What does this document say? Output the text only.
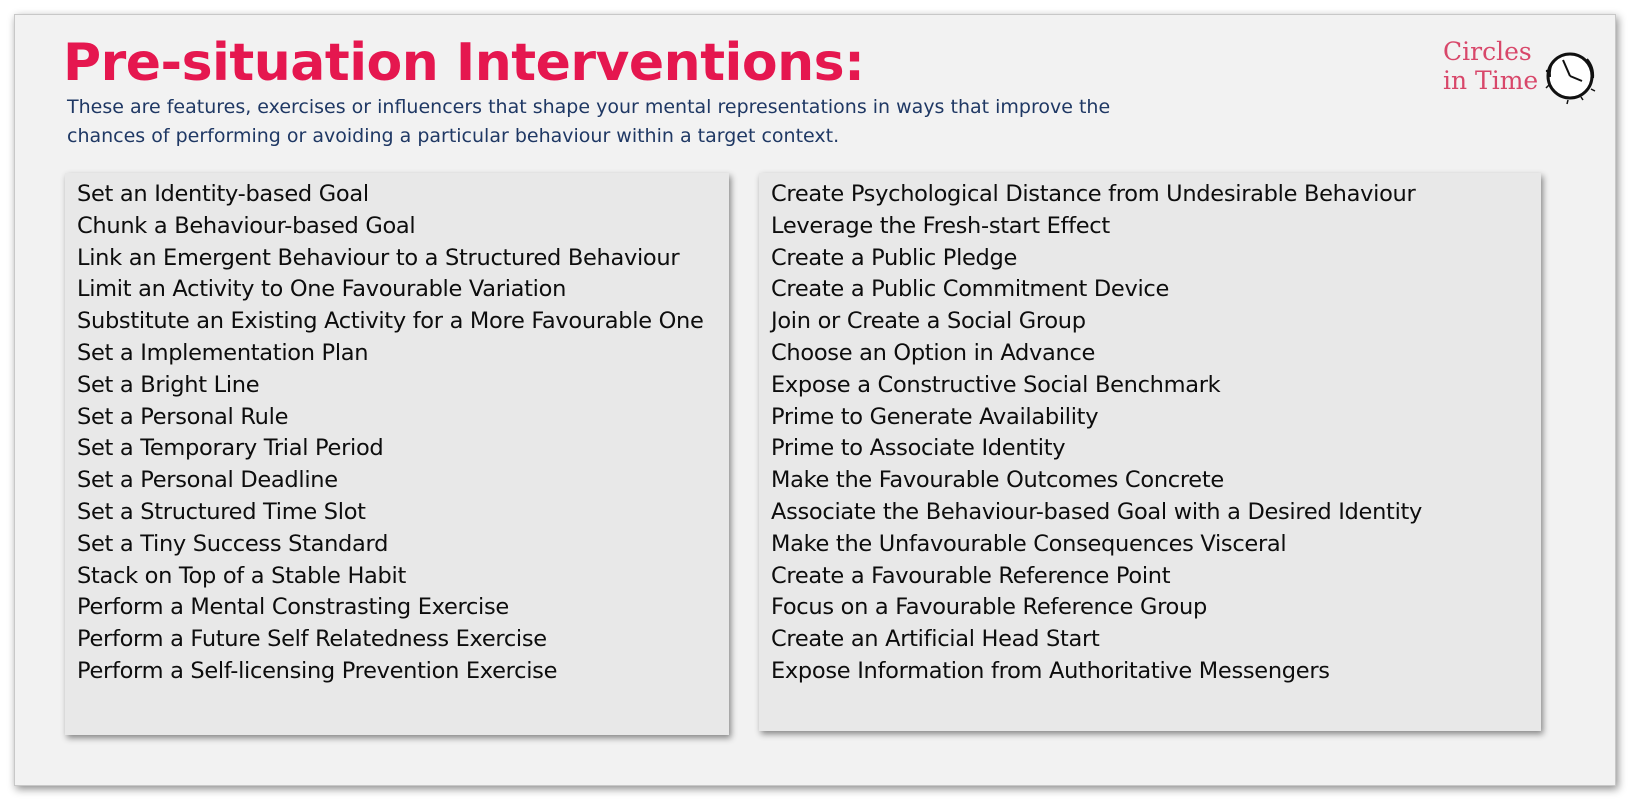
Pre-situation Interventions:

These are features, exercises or influencers that shape your mental representations in ways that improve the chances of performing or avoiding a particular behaviour within a target context.

Circles
in Time
Set an Identity-based Goal
Chunk a Behaviour-based Goal
Link an Emergent Behaviour to a Structured Behaviour
Limit an Activity to One Favourable Variation
Substitute an Existing Activity for a More Favourable One
Set a Implementation Plan
Set a Bright Line
Set a Personal Rule
Set a Temporary Trial Period
Set a Personal Deadline
Set a Structured Time Slot
Set a Tiny Success Standard
Stack on Top of a Stable Habit
Perform a Mental Constrasting Exercise
Perform a Future Self Relatedness Exercise
Perform a Self-licensing Prevention Exercise
Create Psychological Distance from Undesirable Behaviour
Leverage the Fresh-start Effect
Create a Public Pledge
Create a Public Commitment Device
Join or Create a Social Group
Choose an Option in Advance
Expose a Constructive Social Benchmark
Prime to Generate Availability
Prime to Associate Identity
Make the Favourable Outcomes Concrete
Associate the Behaviour-based Goal with a Desired Identity
Make the Unfavourable Consequences Visceral
Create a Favourable Reference Point
Focus on a Favourable Reference Group
Create an Artificial Head Start
Expose Information from Authoritative Messengers
